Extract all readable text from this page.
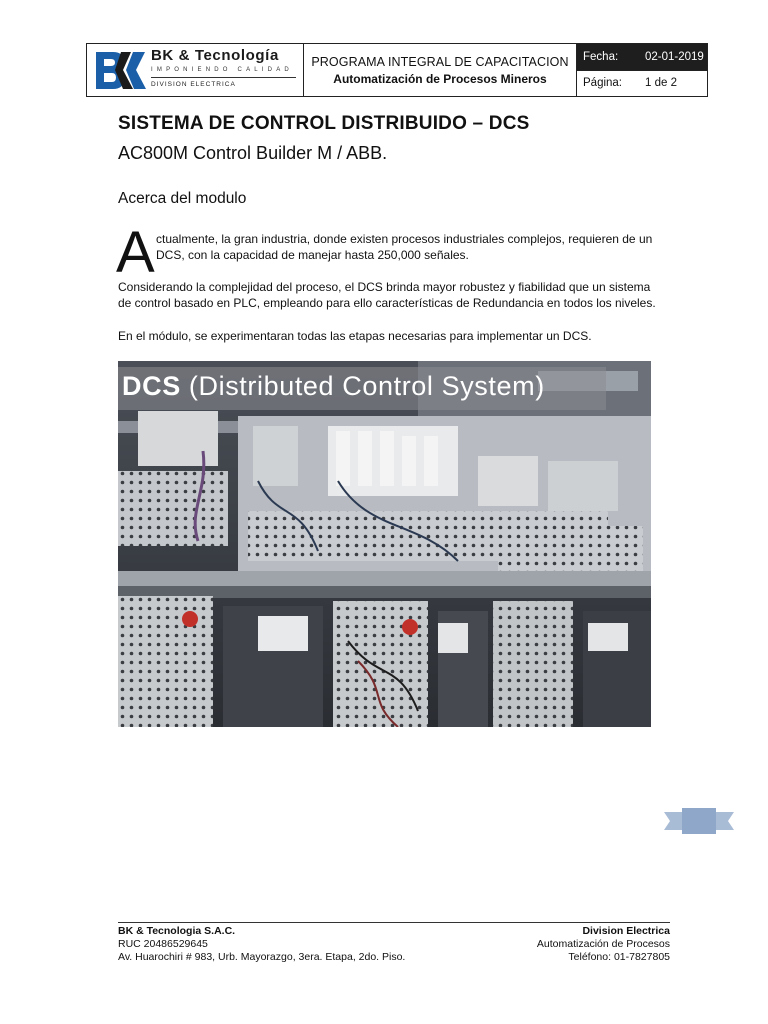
BK & Tecnología
IMPONIENDO CALIDAD
DIVISION ELECTRICA
PROGRAMA INTEGRAL DE CAPACITACION
Automatización de Procesos Mineros
Fecha:	02-01-2019
Página:	1 de 2
SISTEMA DE CONTROL DISTRIBUIDO – DCS
AC800M Control Builder M / ABB.
Acerca del modulo
A ctualmente, la gran industria, donde existen procesos industriales complejos, requieren de un
DCS, con la capacidad de manejar hasta 250,000 señales.
Considerando la complejidad del proceso, el DCS brinda mayor robustez y fiabilidad que un sistema de control basado en PLC, empleando para ello características de Redundancia en todos los niveles.
En el módulo, se experimentaran todas las etapas necesarias para implementar un DCS.
DCS (Distributed Control System)
BK & Tecnologia S.A.C.
RUC 20486529645
Av. Huarochiri # 983, Urb. Mayorazgo, 3era. Etapa, 2do. Piso.
Division Electrica
Automatización de Procesos
Teléfono: 01-7827805
